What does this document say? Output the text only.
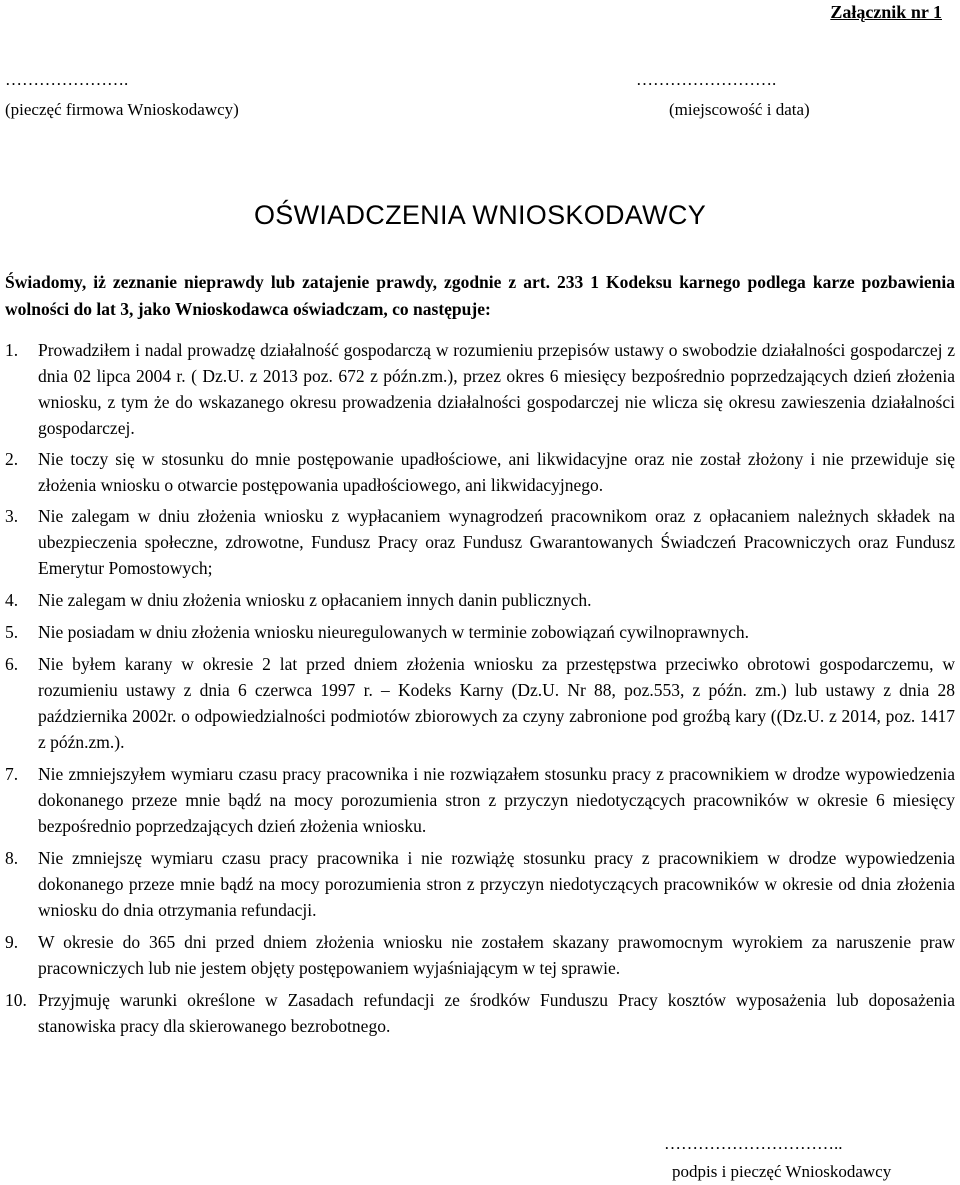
Załącznik nr 1
………………….	…………………….
(pieczęć firmowa Wnioskodawcy)	(miejscowość i data)
OŚWIADCZENIA WNIOSKODAWCY
Świadomy, iż zeznanie nieprawdy lub zatajenie prawdy, zgodnie z art. 233 1 Kodeksu karnego podlega karze pozbawienia wolności do lat 3, jako Wnioskodawca oświadczam, co następuje:
1. Prowadziłem i nadal prowadzę działalność gospodarczą w rozumieniu przepisów ustawy o swobodzie działalności gospodarczej z dnia 02 lipca 2004 r. ( Dz.U. z 2013 poz. 672 z późn.zm.), przez okres 6 miesięcy bezpośrednio poprzedzających dzień złożenia wniosku, z tym że do wskazanego okresu prowadzenia działalności gospodarczej nie wlicza się okresu zawieszenia działalności gospodarczej.
2. Nie toczy się w stosunku do mnie postępowanie upadłościowe, ani likwidacyjne oraz nie został złożony i nie przewiduje się złożenia wniosku o otwarcie postępowania upadłościowego, ani likwidacyjnego.
3. Nie zalegam w dniu złożenia wniosku z wypłacaniem wynagrodzeń pracownikom oraz z opłacaniem należnych składek na ubezpieczenia społeczne, zdrowotne, Fundusz Pracy oraz Fundusz Gwarantowanych Świadczeń Pracowniczych oraz Fundusz Emerytur Pomostowych;
4. Nie zalegam w dniu złożenia wniosku z opłacaniem innych danin publicznych.
5. Nie posiadam w dniu złożenia wniosku nieuregulowanych w terminie zobowiązań cywilnoprawnych.
6. Nie byłem karany w okresie 2 lat przed dniem złożenia wniosku za przestępstwa przeciwko obrotowi gospodarczemu, w rozumieniu ustawy z dnia 6 czerwca 1997 r. – Kodeks Karny (Dz.U. Nr 88, poz.553, z późn. zm.) lub ustawy z dnia 28 października 2002r. o odpowiedzialności podmiotów zbiorowych za czyny zabronione pod groźbą kary ((Dz.U. z 2014, poz. 1417 z późn.zm.).
7. Nie zmniejszyłem wymiaru czasu pracy pracownika i nie rozwiązałem stosunku pracy z pracownikiem w drodze wypowiedzenia dokonanego przeze mnie bądź na mocy porozumienia stron z przyczyn niedotyczących pracowników w okresie 6 miesięcy bezpośrednio poprzedzających dzień złożenia wniosku.
8. Nie zmniejszę wymiaru czasu pracy pracownika i nie rozwiążę stosunku pracy z pracownikiem w drodze wypowiedzenia dokonanego przeze mnie bądź na mocy porozumienia stron z przyczyn niedotyczących pracowników w okresie od dnia złożenia wniosku do dnia otrzymania refundacji.
9. W okresie do 365 dni przed dniem złożenia wniosku nie zostałem skazany prawomocnym wyrokiem za naruszenie praw pracowniczych lub nie jestem objęty postępowaniem wyjaśniającym w tej sprawie.
10. Przyjmuję warunki określone w Zasadach refundacji ze środków Funduszu Pracy kosztów wyposażenia lub doposażenia stanowiska pracy dla skierowanego bezrobotnego.
…………………………..
podpis i pieczęć Wnioskodawcy
